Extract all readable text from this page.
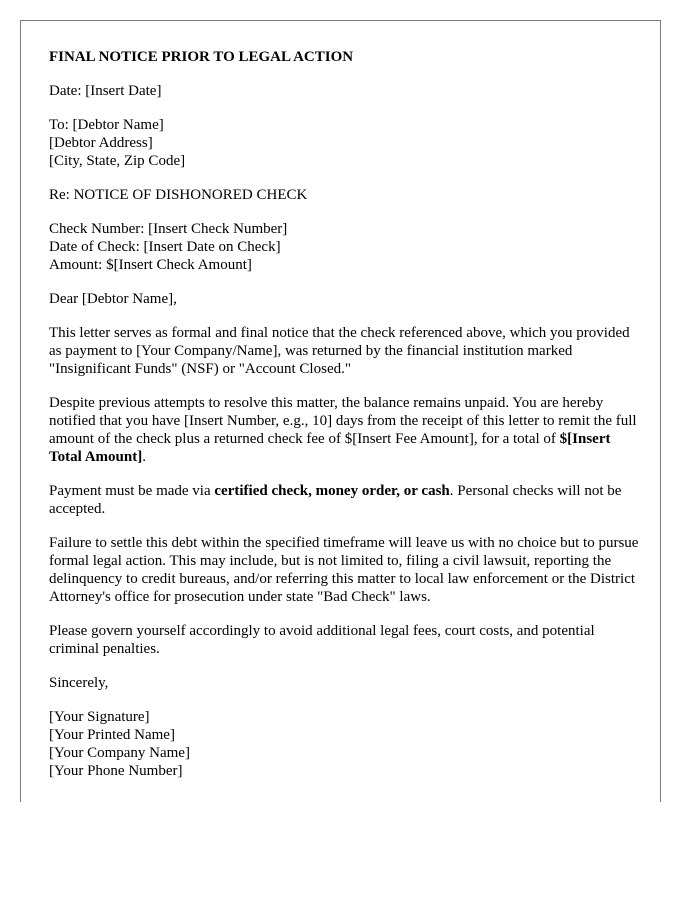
FINAL NOTICE PRIOR TO LEGAL ACTION

Date: [Insert Date]

To: [Debtor Name]
[Debtor Address]
[City, State, Zip Code]

Re: NOTICE OF DISHONORED CHECK

Check Number: [Insert Check Number]
Date of Check: [Insert Date on Check]
Amount: $[Insert Check Amount]

Dear [Debtor Name],

This letter serves as formal and final notice that the check referenced above, which you provided as payment to [Your Company/Name], was returned by the financial institution marked "Insignificant Funds" (NSF) or "Account Closed."

Despite previous attempts to resolve this matter, the balance remains unpaid. You are hereby notified that you have [Insert Number, e.g., 10] days from the receipt of this letter to remit the full amount of the check plus a returned check fee of $[Insert Fee Amount], for a total of $[Insert Total Amount].

Payment must be made via certified check, money order, or cash. Personal checks will not be accepted.

Failure to settle this debt within the specified timeframe will leave us with no choice but to pursue formal legal action. This may include, but is not limited to, filing a civil lawsuit, reporting the delinquency to credit bureaus, and/or referring this matter to local law enforcement or the District Attorney's office for prosecution under state "Bad Check" laws.

Please govern yourself accordingly to avoid additional legal fees, court costs, and potential criminal penalties.

Sincerely,

[Your Signature]
[Your Printed Name]
[Your Company Name]
[Your Phone Number]
